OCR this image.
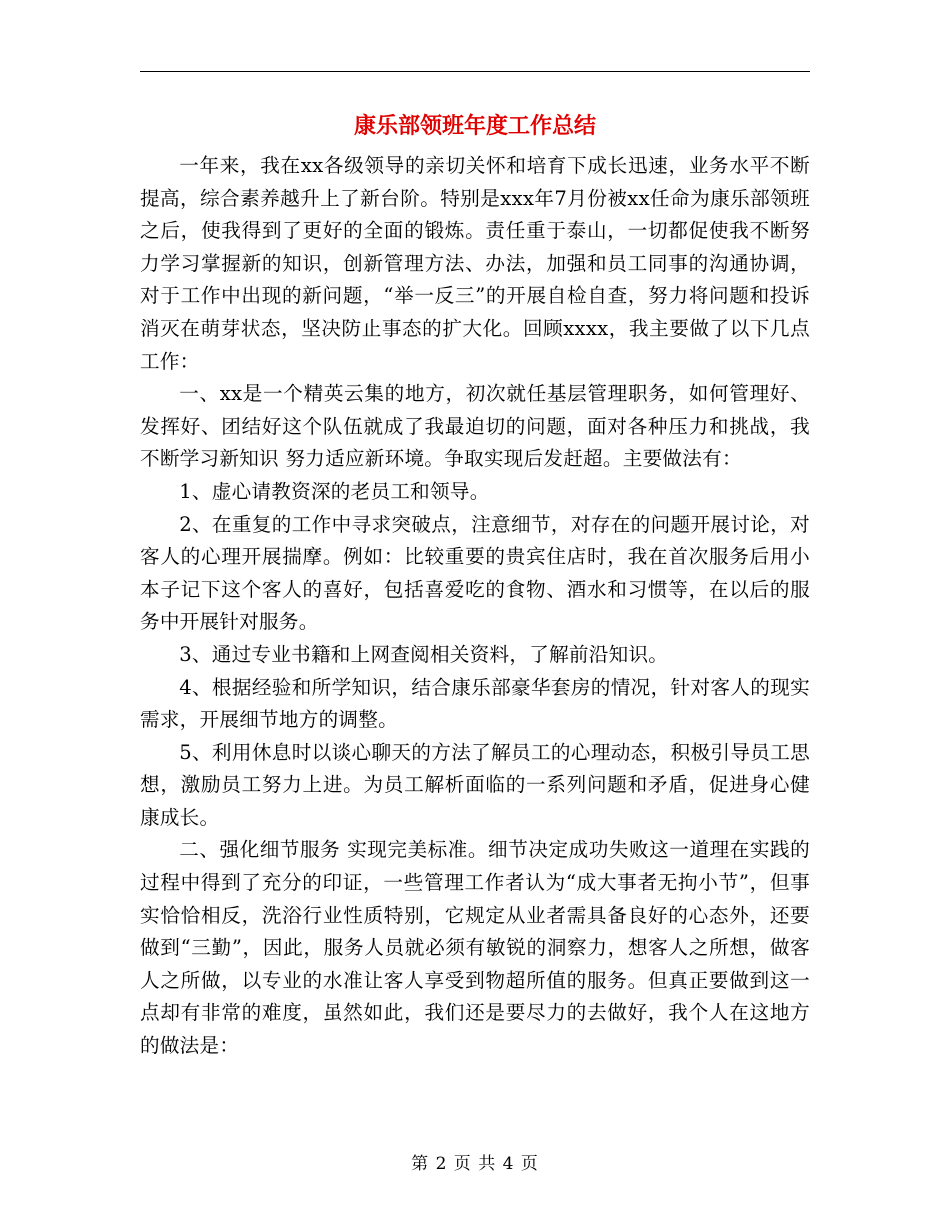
康乐部领班年度工作总结

一年来，我在xx各级领导的亲切关怀和培育下成长迅速，业务水平不断提高，综合素养越升上了新台阶。特别是xxx年7月份被xx任命为康乐部领班之后，使我得到了更好的全面的锻炼。责任重于泰山，一切都促使我不断努力学习掌握新的知识，创新管理方法、办法，加强和员工同事的沟通协调，对于工作中出现的新问题，“举一反三”的开展自检自查，努力将问题和投诉消灭在萌芽状态，坚决防止事态的扩大化。回顾xxxx，我主要做了以下几点工作：

一、xx是一个精英云集的地方，初次就任基层管理职务，如何管理好、发挥好、团结好这个队伍就成了我最迫切的问题，面对各种压力和挑战，我不断学习新知识 努力适应新环境。争取实现后发赶超。主要做法有：

1、虚心请教资深的老员工和领导。

2、在重复的工作中寻求突破点，注意细节，对存在的问题开展讨论，对客人的心理开展揣摩。例如：比较重要的贵宾住店时，我在首次服务后用小本子记下这个客人的喜好，包括喜爱吃的食物、酒水和习惯等，在以后的服务中开展针对服务。

3、通过专业书籍和上网查阅相关资料，了解前沿知识。

4、根据经验和所学知识，结合康乐部豪华套房的情况，针对客人的现实需求，开展细节地方的调整。

5、利用休息时以谈心聊天的方法了解员工的心理动态，积极引导员工思想，激励员工努力上进。为员工解析面临的一系列问题和矛盾，促进身心健康成长。

二、强化细节服务 实现完美标准。细节决定成功失败这一道理在实践的过程中得到了充分的印证，一些管理工作者认为“成大事者无拘小节”，但事实恰恰相反，洗浴行业性质特别，它规定从业者需具备良好的心态外，还要做到“三勤”，因此，服务人员就必须有敏锐的洞察力，想客人之所想，做客人之所做，以专业的水准让客人享受到物超所值的服务。但真正要做到这一点却有非常的难度，虽然如此，我们还是要尽力的去做好，我个人在这地方的做法是：

第 2 页 共 4 页
